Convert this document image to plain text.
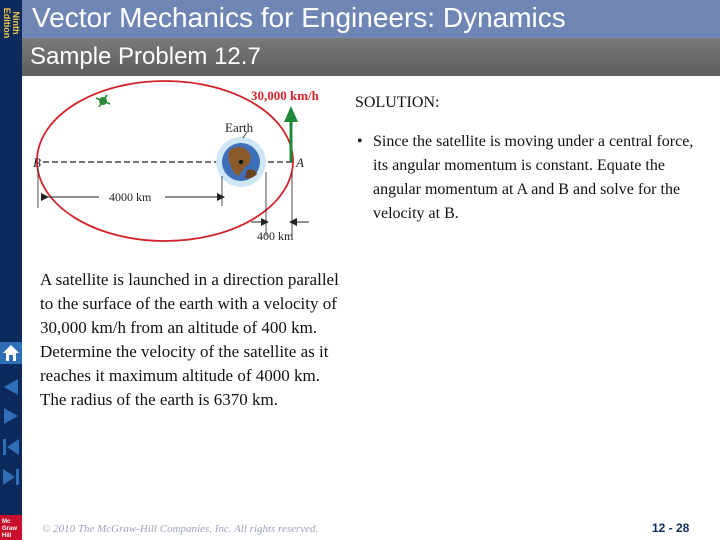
Ninth Edition Vector Mechanics for Engineers: Dynamics
Sample Problem 12.7
30,000 km/h
Earth
B	A
4000 km
400 km
A satellite is launched in a direction parallel to the surface of the earth with a velocity of 30,000 km/h from an altitude of 400 km. Determine the velocity of the satellite as it reaches it maximum altitude of 4000 km. The radius of the earth is 6370 km.
SOLUTION:
• Since the satellite is moving under a central force, its angular momentum is constant. Equate the angular momentum at A and B and solve for the velocity at B.
Mc Graw Hill
© 2010 The McGraw-Hill Companies, Inc. All rights reserved.	12 - 28
